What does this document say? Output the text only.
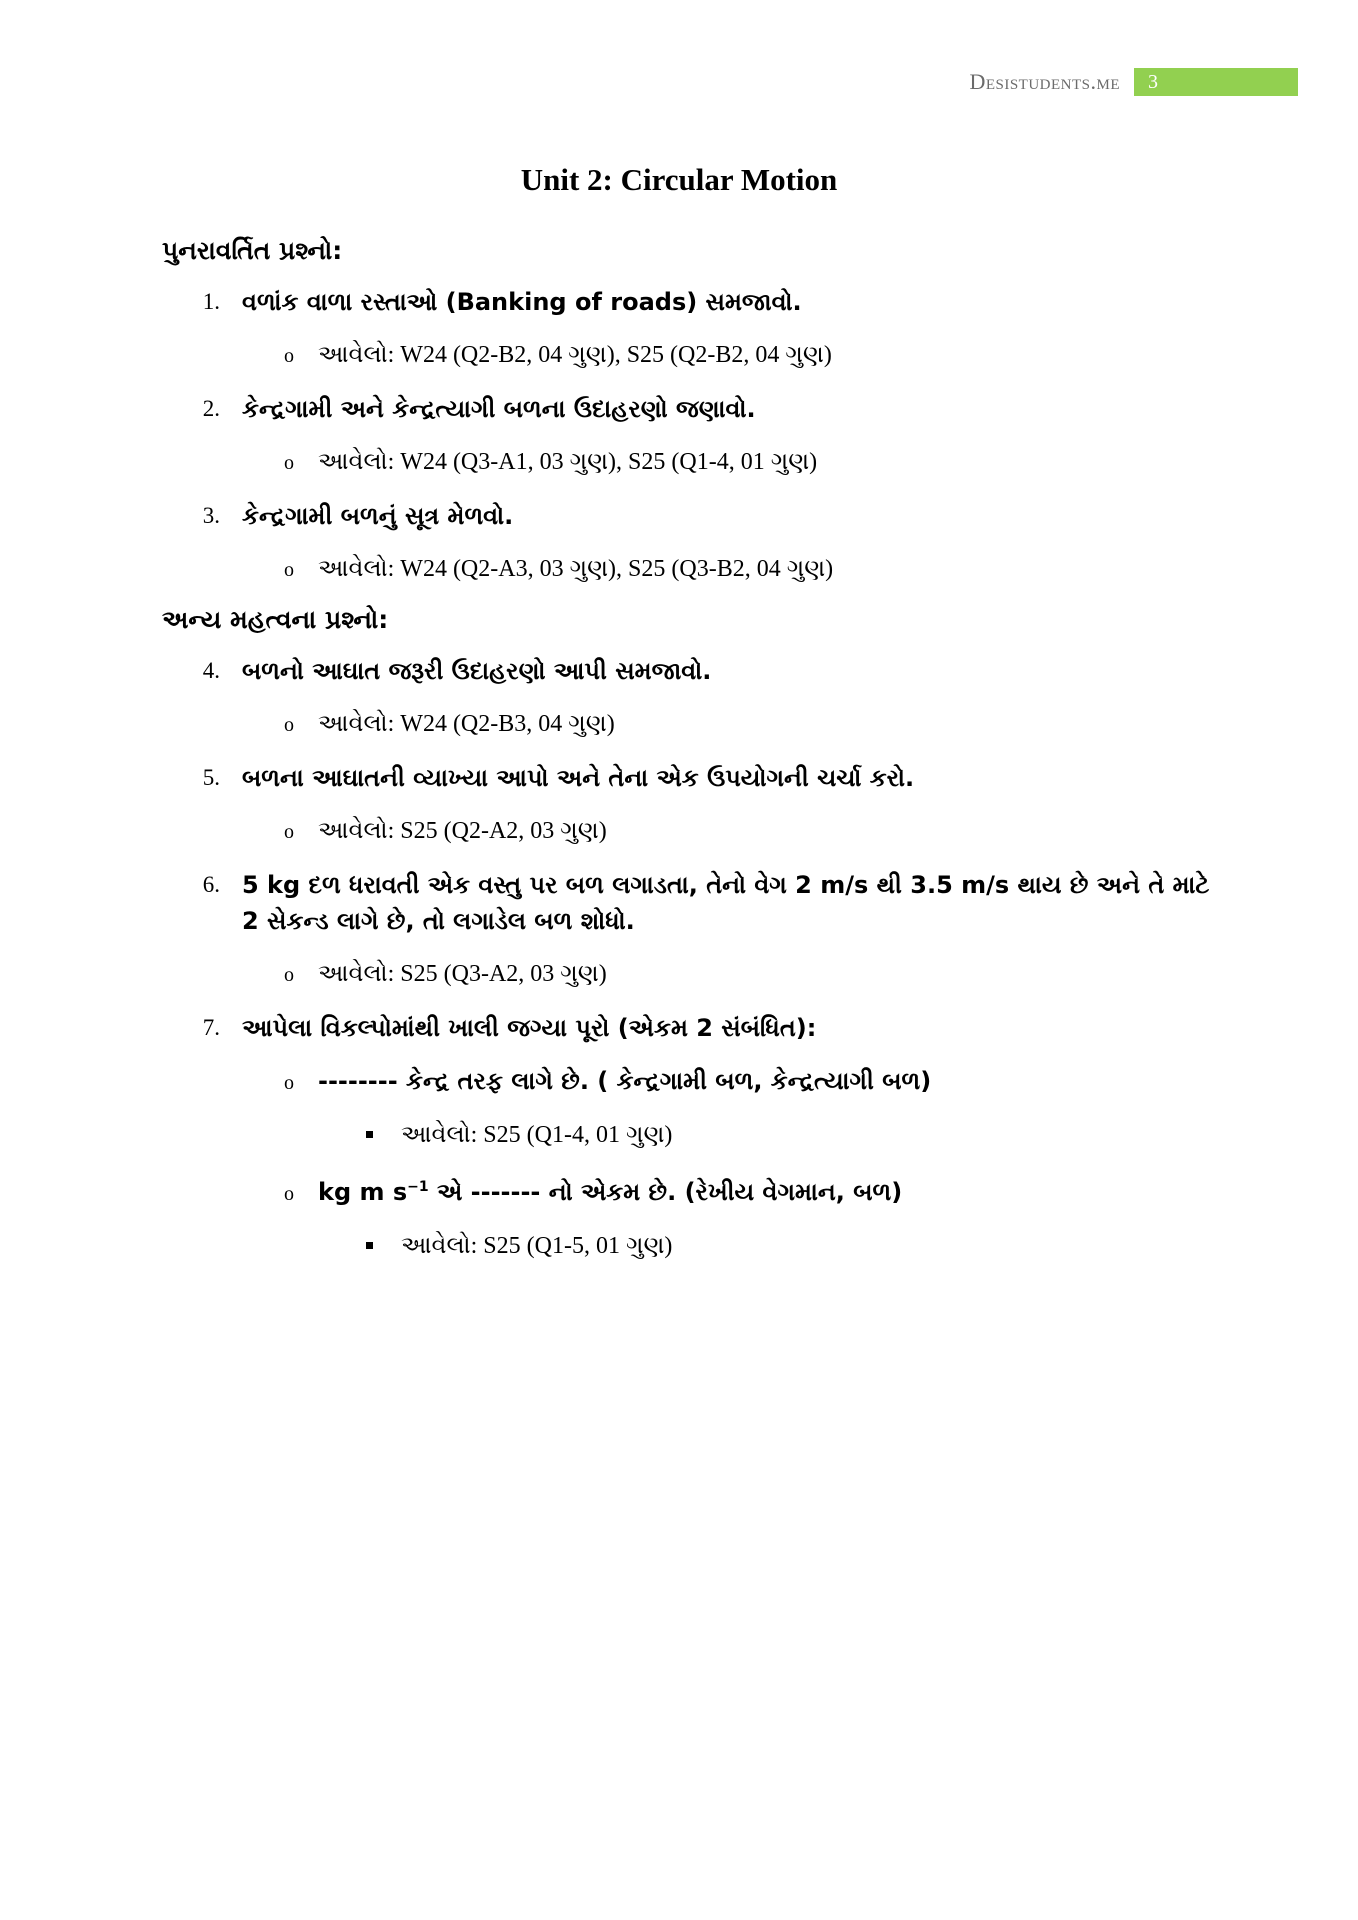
Desistudents.me	3
Unit 2: Circular Motion
પુનરાવર્તિત પ્રશ્નો:
1. વળાંક વાળા રસ્તાઓ (Banking of roads) સમજાવો.
o	આવેલો: W24 (Q2-B2, 04 ગુણ), S25 (Q2-B2, 04 ગુણ)
2. કેન્દ્રગામી અને કેન્દ્રત્યાગી બળના ઉદાહરણો જણાવો.
o	આવેલો: W24 (Q3-A1, 03 ગુણ), S25 (Q1-4, 01 ગુણ)
3. કેન્દ્રગામી બળનું સૂત્ર મેળવો.
o	આવેલો: W24 (Q2-A3, 03 ગુણ), S25 (Q3-B2, 04 ગુણ)
અન્ય મહત્વના પ્રશ્નો:
4. બળનો આઘાત જરૂરી ઉદાહરણો આપી સમજાવો.
o	આવેલો: W24 (Q2-B3, 04 ગુણ)
5. બળના આઘાતની વ્યાખ્યા આપો અને તેના એક ઉપયોગની ચર્ચા કરો.
o	આવેલો: S25 (Q2-A2, 03 ગુણ)
6. 5 kg દળ ધરાવતી એક વસ્તુ પર બળ લગાડતા, તેનો વેગ 2 m/s થી 3.5 m/s થાય છે અને તે માટે 2 સેકન્ડ લાગે છે, તો લગાડેલ બળ શોધો.
o	આવેલો: S25 (Q3-A2, 03 ગુણ)
7. આપેલા વિકલ્પોમાંથી ખાલી જગ્યા પૂરો (એકમ 2 સંબંધિત):
o	-------- કેન્દ્ર તરફ લાગે છે. ( કેન્દ્રગામી બળ, કેન્દ્રત્યાગી બળ)
આવેલો: S25 (Q1-4, 01 ગુણ)
o	kg m $s^{-1}$ એ ------- નો એકમ છે. (રેખીય વેગમાન, બળ)
આવેલો: S25 (Q1-5, 01 ગુણ)
